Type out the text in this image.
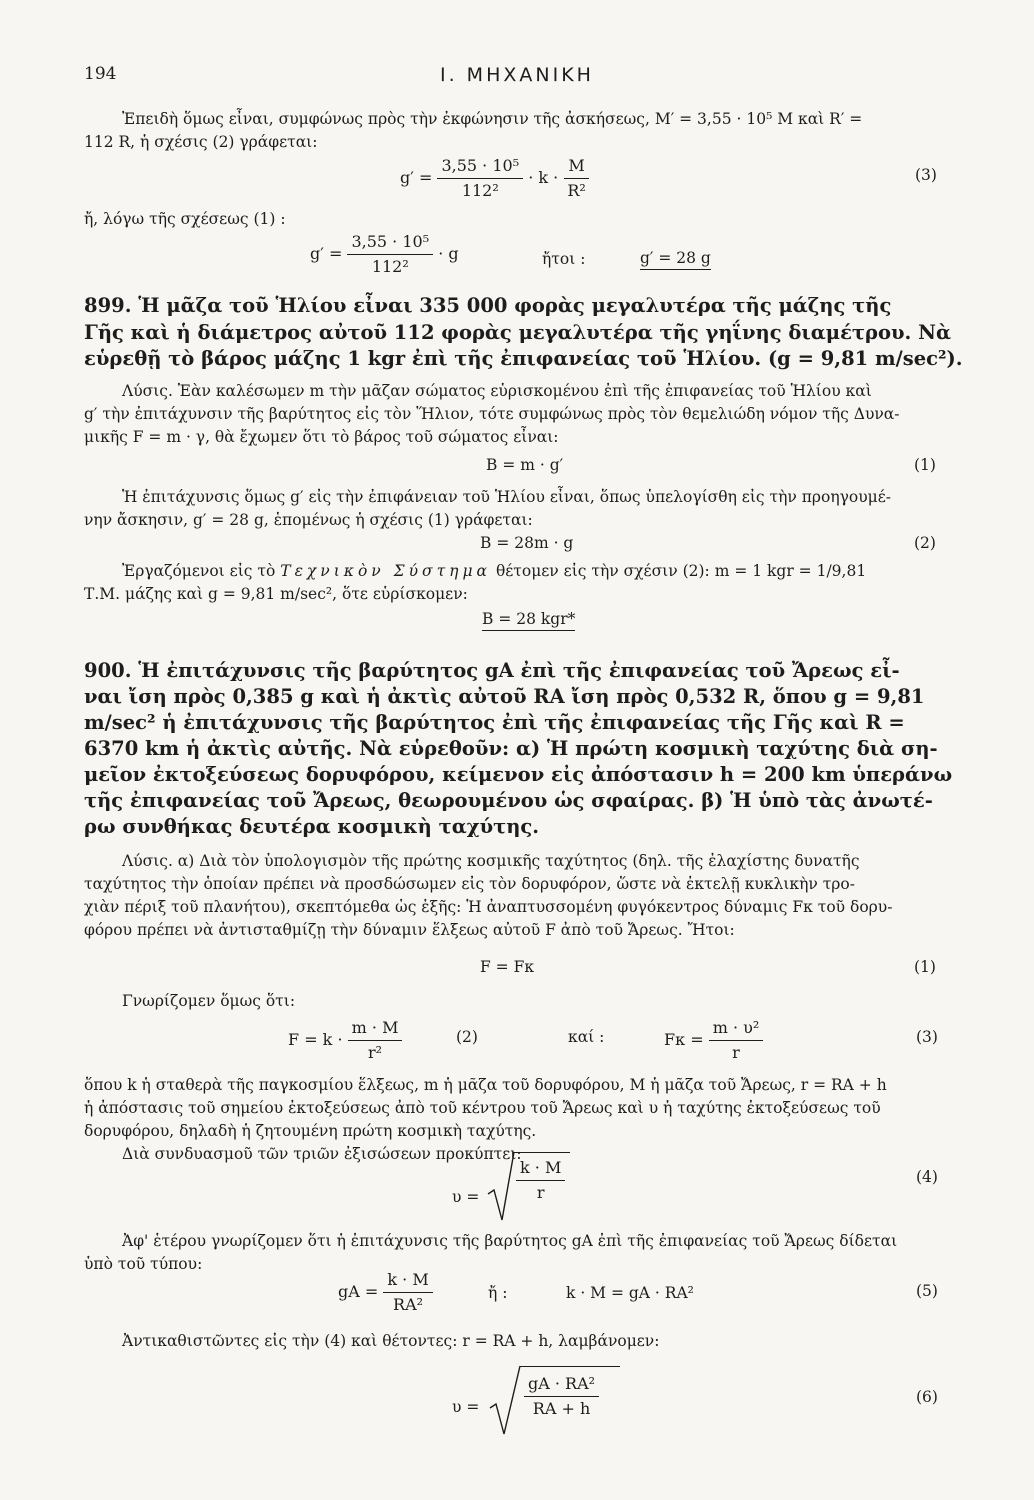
194	Ι. ΜΗΧΑΝΙΚΗ
Ἐπειδὴ ὅμως εἶναι, συμφώνως πρὸς τὴν ἐκφώνησιν τῆς ἀσκήσεως, M′ = 3,55 · 10⁵ M καὶ R′ =
112 R, ἡ σχέσις (2) γράφεται:
$g' = \frac{\text{3,55 · 10⁵}}{\text{112²}} \cdot k \cdot \frac{M}{\text{R²}}$	(3)
ἤ, λόγω τῆς σχέσεως (1) :
$g' = \frac{\text{3,55 · 10⁵}}{\text{112²}} \cdot g$	ἤτοι :	g′ = 28 g
899. Ἡ μᾶζα τοῦ Ἡλίου εἶναι 335 000 φορὰς μεγαλυτέρα τῆς μάζης τῆς
Γῆς καὶ ἡ διάμετρος αὐτοῦ 112 φορὰς μεγαλυτέρα τῆς γηΐνης διαμέτρου. Νὰ
εὑρεθῇ τὸ βάρος μάζης 1 kgr ἐπὶ τῆς ἐπιφανείας τοῦ Ἡλίου. (g = 9,81 m/sec²).
Λύσις. Ἐὰν καλέσωμεν m τὴν μᾶζαν σώματος εὑρισκομένου ἐπὶ τῆς ἐπιφανείας τοῦ Ἡλίου καὶ
g′ τὴν ἐπιτάχυνσιν τῆς βαρύτητος εἰς τὸν Ἥλιον, τότε συμφώνως πρὸς τὸν θεμελιώδη νόμον τῆς Δυνα-
μικῆς F = m · γ, θὰ ἔχωμεν ὅτι τὸ βάρος τοῦ σώματος εἶναι:
B = m · g′	(1)
Ἡ ἐπιτάχυνσις ὅμως g′ εἰς τὴν ἐπιφάνειαν τοῦ Ἡλίου εἶναι, ὅπως ὑπελογίσθη εἰς τὴν προηγουμέ-
νην ἄσκησιν, g′ = 28 g, ἑπομένως ἡ σχέσις (1) γράφεται:
B = 28m · g	(2)
Ἐργαζόμενοι εἰς τὸ Τεχνικὸν Σύστημα θέτομεν εἰς τὴν σχέσιν (2): m = 1 kgr = 1/9,81
Τ.Μ. μάζης καὶ g = 9,81 m/sec², ὅτε εὑρίσκομεν:
B = 28 kgr*
900. Ἡ ἐπιτάχυνσις τῆς βαρύτητος gA ἐπὶ τῆς ἐπιφανείας τοῦ Ἄρεως εἶ-
ναι ἴση πρὸς 0,385 g καὶ ἡ ἀκτὶς αὐτοῦ RA ἴση πρὸς 0,532 R, ὅπου g = 9,81
m/sec² ἡ ἐπιτάχυνσις τῆς βαρύτητος ἐπὶ τῆς ἐπιφανείας τῆς Γῆς καὶ R =
6370 km ἡ ἀκτὶς αὐτῆς. Νὰ εὑρεθοῦν: α) Ἡ πρώτη κοσμικὴ ταχύτης διὰ ση-
μεῖον ἐκτοξεύσεως δορυφόρου, κείμενον εἰς ἀπόστασιν h = 200 km ὑπεράνω
τῆς ἐπιφανείας τοῦ Ἄρεως, θεωρουμένου ὡς σφαίρας. β) Ἡ ὑπὸ τὰς ἀνωτέ-
ρω συνθήκας δευτέρα κοσμικὴ ταχύτης.
Λύσις. α) Διὰ τὸν ὑπολογισμὸν τῆς πρώτης κοσμικῆς ταχύτητος (δηλ. τῆς ἐλαχίστης δυνατῆς
ταχύτητος τὴν ὁποίαν πρέπει νὰ προσδώσωμεν εἰς τὸν δορυφόρον, ὥστε νὰ ἐκτελῇ κυκλικὴν τρο-
χιὰν πέριξ τοῦ πλανήτου), σκεπτόμεθα ὡς ἑξῆς: Ἡ ἀναπτυσσομένη φυγόκεντρος δύναμις Fκ τοῦ δορυ-
φόρου πρέπει νὰ ἀντισταθμίζῃ τὴν δύναμιν ἕλξεως αὐτοῦ F ἀπὸ τοῦ Ἄρεως. Ἤτοι:
F = Fκ	(1)
Γνωρίζομεν ὅμως ὅτι:
$F = k \cdot \frac{m \cdot M}{\text{r²}}$	(2)	καί :	$F\kappa = \frac{\text{m · υ²}}{r}$	(3)
ὅπου k ἡ σταθερὰ τῆς παγκοσμίου ἕλξεως, m ἡ μᾶζα τοῦ δορυφόρου, M ἡ μᾶζα τοῦ Ἄρεως, r = RA + h
ἡ ἀπόστασις τοῦ σημείου ἐκτοξεύσεως ἀπὸ τοῦ κέντρου τοῦ Ἄρεως καὶ υ ἡ ταχύτης ἐκτοξεύσεως τοῦ
δορυφόρου, δηλαδὴ ἡ ζητουμένη πρώτη κοσμικὴ ταχύτης.
Διὰ συνδυασμοῦ τῶν τριῶν ἐξισώσεων προκύπτει:
$\upsilon = \frac{k \cdot M}{r}$	(4)
Ἀφ' ἑτέρου γνωρίζομεν ὅτι ἡ ἐπιτάχυνσις τῆς βαρύτητος gA ἐπὶ τῆς ἐπιφανείας τοῦ Ἄρεως δίδεται
ὑπὸ τοῦ τύπου:
gA = $\frac{k \cdot M}{\text{RA²}}$	ἤ :	k · M = gA · RA²	(5)
Ἀντικαθιστῶντες εἰς τὴν (4) καὶ θέτοντες: r = RA + h, λαμβάνομεν:
υ =	$\frac{\text{gA · RA²}}{RA + h}$	(6)
